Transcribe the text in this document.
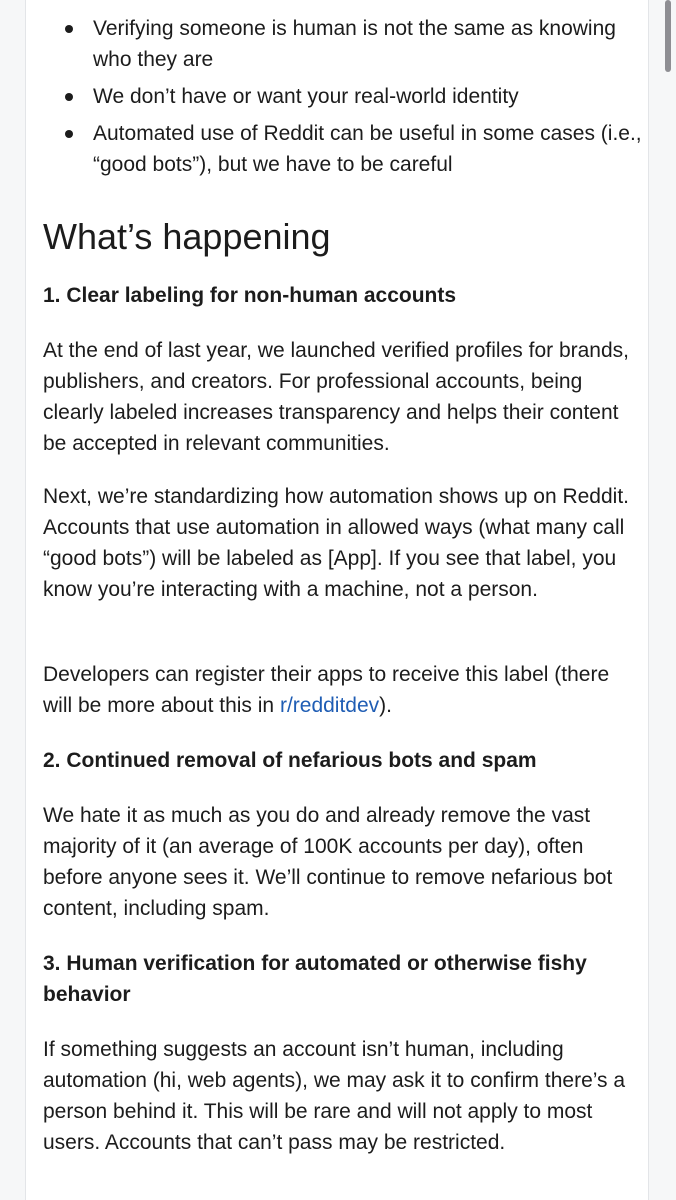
Verifying someone is human is not the same as knowing who they are
We don’t have or want your real-world identity
Automated use of Reddit can be useful in some cases (i.e., “good bots”), but we have to be careful
What’s happening

1. Clear labeling for non-human accounts

At the end of last year, we launched verified profiles for brands, publishers, and creators. For professional accounts, being clearly labeled increases transparency and helps their content be accepted in relevant communities.

Next, we’re standardizing how automation shows up on Reddit. Accounts that use automation in allowed ways (what many call “good bots”) will be labeled as [App]. If you see that label, you know you’re interacting with a machine, not a person.

Developers can register their apps to receive this label (there will be more about this in r/redditdev).

2. Continued removal of nefarious bots and spam

We hate it as much as you do and already remove the vast majority of it (an average of 100K accounts per day), often before anyone sees it. We’ll continue to remove nefarious bot content, including spam.

3. Human verification for automated or otherwise fishy behavior

If something suggests an account isn’t human, including automation (hi, web agents), we may ask it to confirm there’s a person behind it. This will be rare and will not apply to most users. Accounts that can’t pass may be restricted.
